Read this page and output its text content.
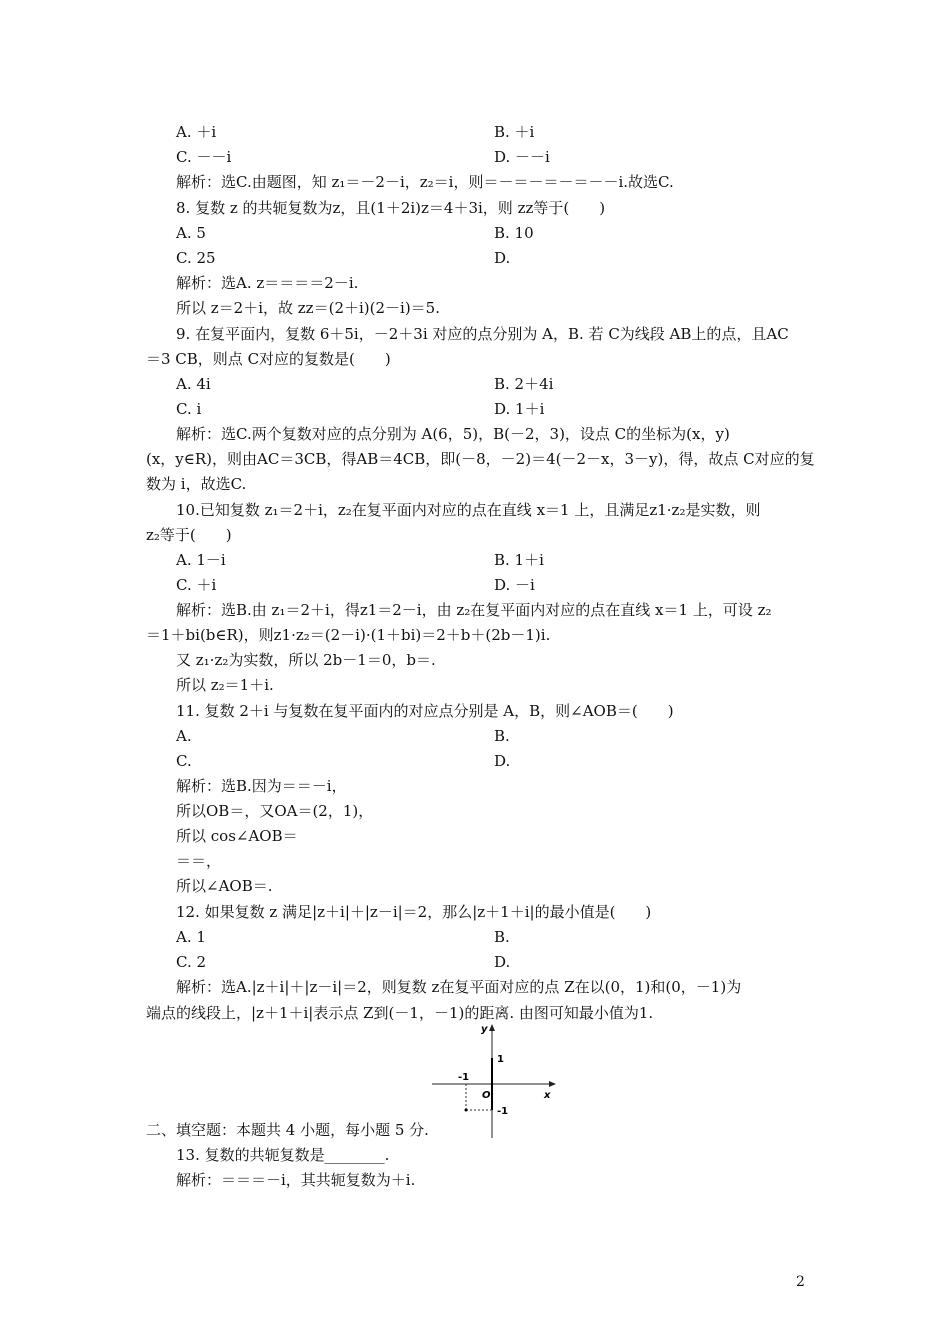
A. ＋i	B. ＋i
C. －－i	D. －－i
解析：选C.由题图，知 z₁＝－2－i，z₂＝i，则＝－＝－＝－＝－－i.故选C.
8. 复数 z 的共轭复数为z，且(1＋2i)z＝4＋3i，则 zz等于(　　)
A. 5	B. 10
C. 25	D.
解析：选A. z＝＝＝＝2－i.
所以 z＝2＋i，故 zz＝(2＋i)(2－i)＝5.
9. 在复平面内，复数 6＋5i，－2＋3i 对应的点分别为 A，B. 若 C为线段 AB上的点，且AC
＝3 CB，则点 C对应的复数是(　　)
A. 4i	B. 2＋4i
C. i	D. 1＋i
解析：选C.两个复数对应的点分别为 A(6，5)，B(－2，3)，设点 C的坐标为(x，y)
(x，y∈R)，则由AC＝3CB，得AB＝4CB，即(－8，－2)＝4(－2－x，3－y)，得，故点 C对应的复
数为 i，故选C.
10.已知复数 z₁＝2＋i，z₂在复平面内对应的点在直线 x＝1 上，且满足z1·z₂是实数，则
z₂等于(　　)
A. 1－i	B. 1＋i
C. ＋i	D. －i
解析：选B.由 z₁＝2＋i，得z1＝2－i，由 z₂在复平面内对应的点在直线 x＝1 上，可设 z₂
＝1＋bi(b∈R)，则z1·z₂＝(2－i)·(1＋bi)＝2＋b＋(2b－1)i.
又 z₁·z₂为实数，所以 2b－1＝0，b＝.
所以 z₂＝1＋i.
11. 复数 2＋i 与复数在复平面内的对应点分别是 A，B，则∠AOB＝(　　)
A.	B.
C.	D.
解析：选B.因为＝＝－i，
所以OB＝，又OA＝(2，1)，
所以 cos∠AOB＝
＝＝，
所以∠AOB＝.
12. 如果复数 z 满足|z＋i|＋|z－i|＝2，那么|z＋1＋i|的最小值是(　　)
A. 1	B.
C. 2	D.
解析：选A.|z＋i|＋|z－i|＝2，则复数 z在复平面对应的点 Z在以(0，1)和(0，－1)为
端点的线段上，|z＋1＋i|表示点 Z到(－1，－1)的距离. 由图可知最小值为1.
y
x
O
1
-1
-1
二、填空题：本题共 4 小题，每小题 5 分.
13. 复数的共轭复数是________.
解析：＝＝＝－i，其共轭复数为＋i.
2
